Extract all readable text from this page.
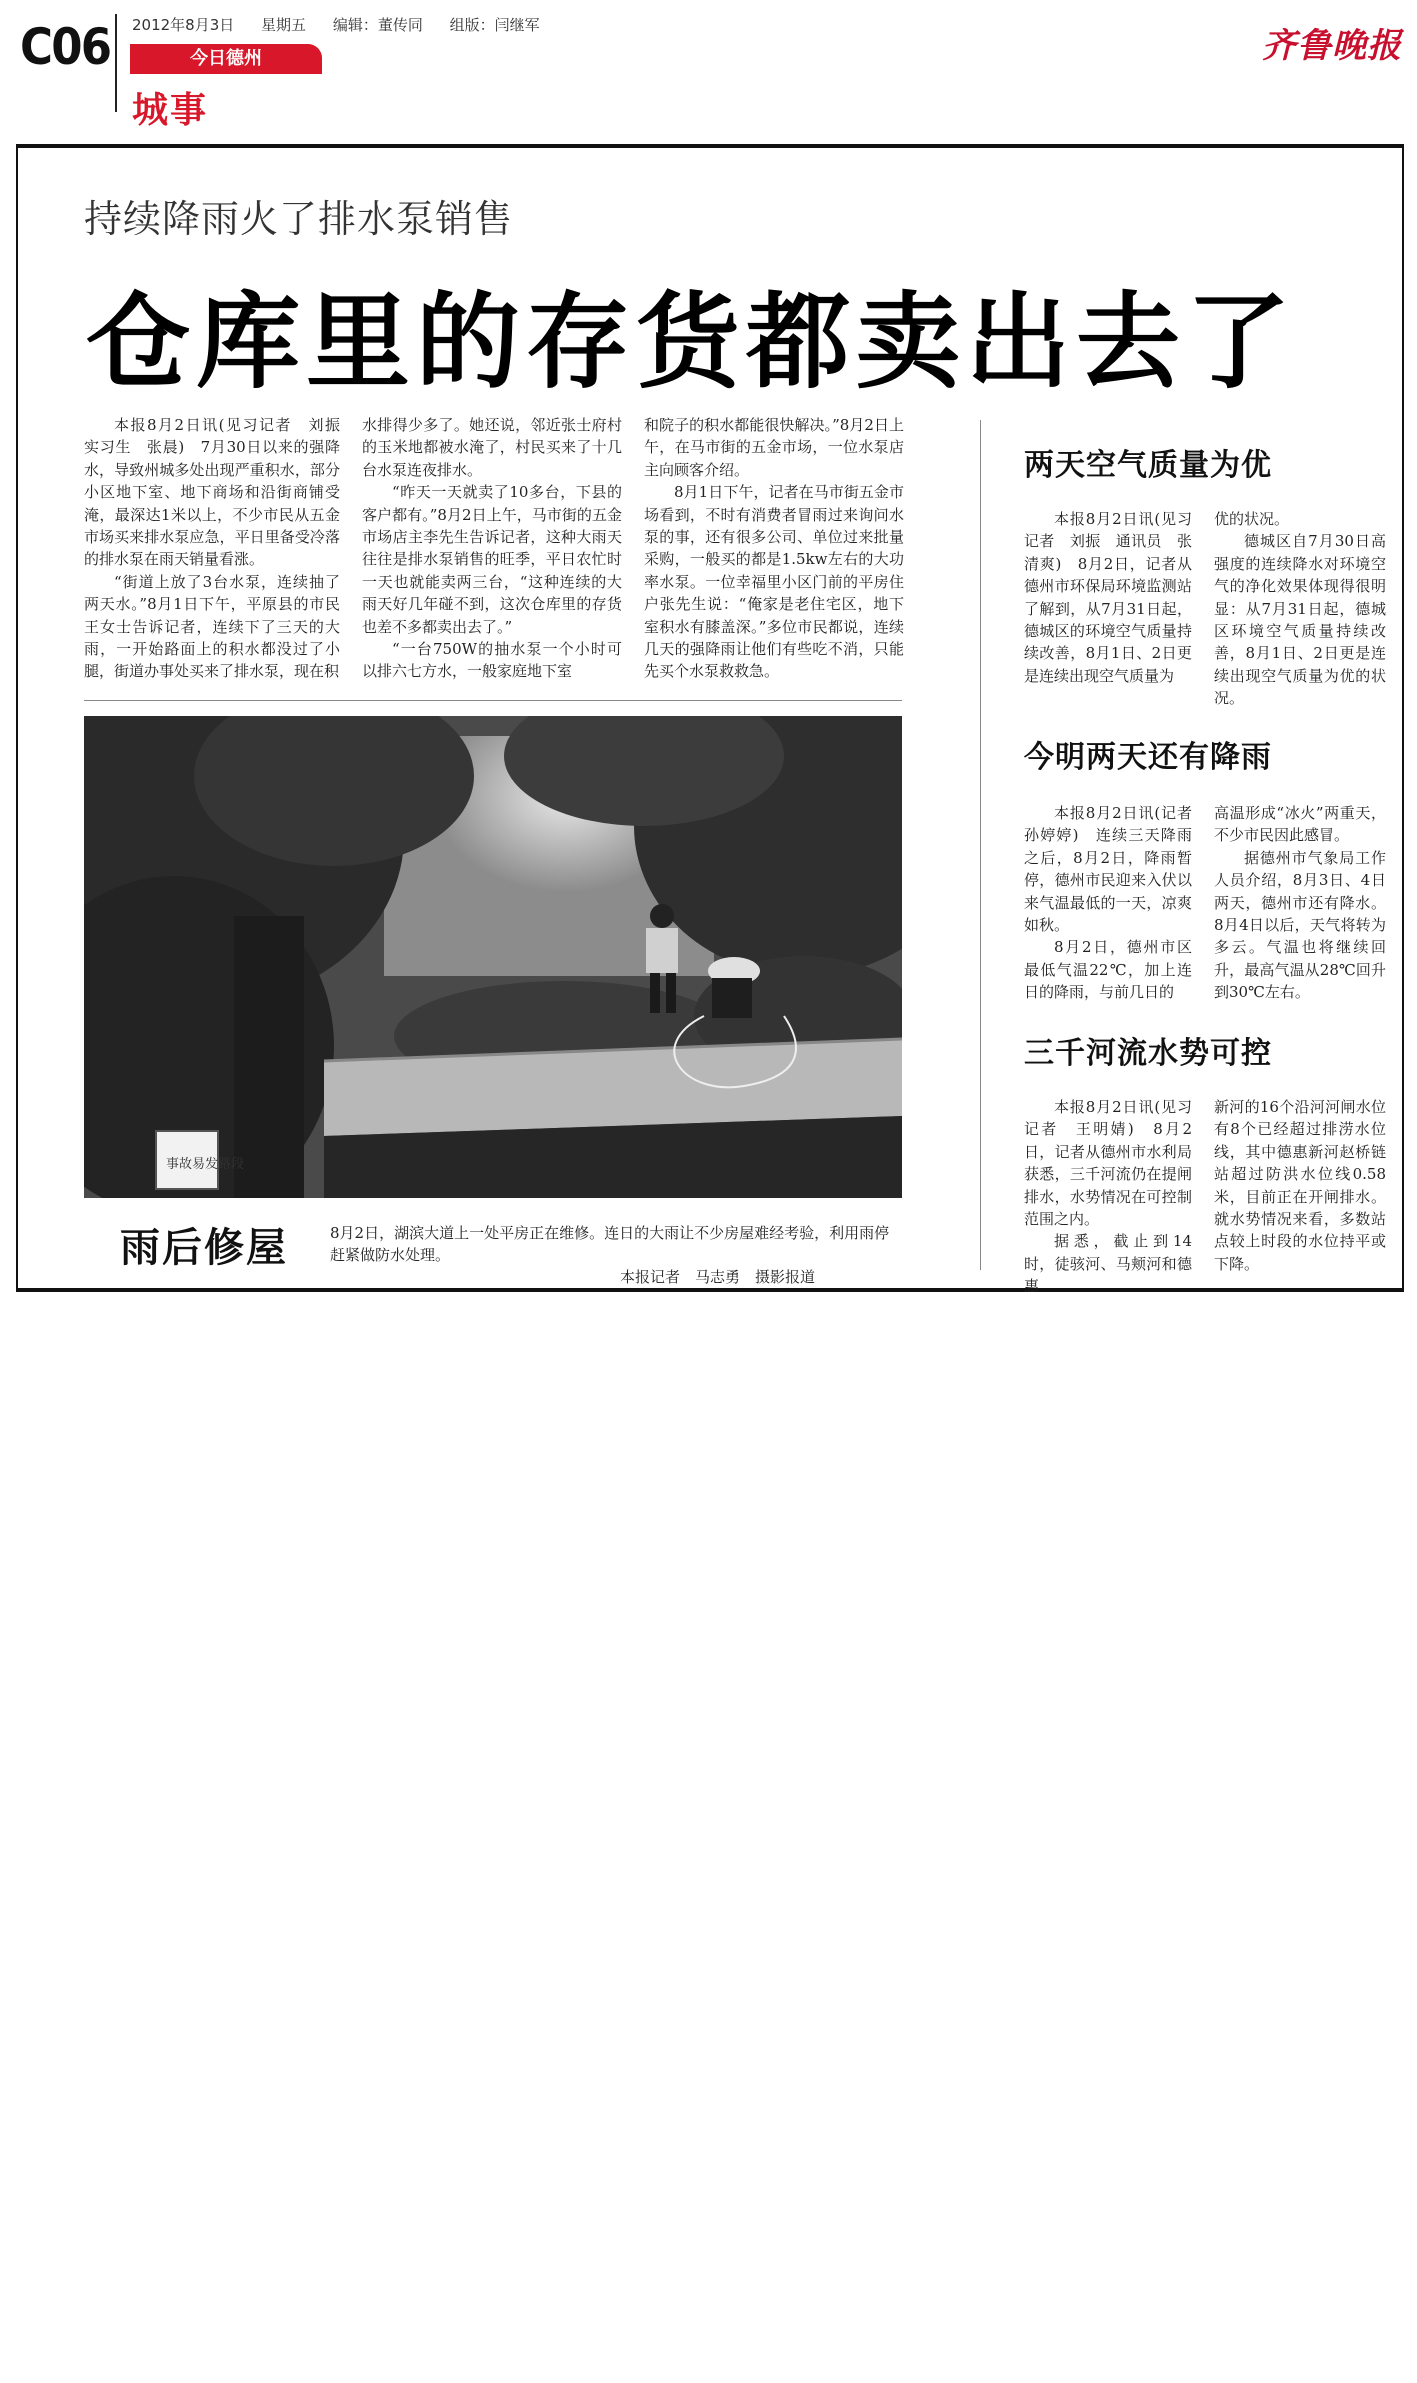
C06 2012年8月3日 星期五 编辑：董传同 组版：闫继军
今日德州
城事
齐鲁晚报
持续降雨火了排水泵销售
仓库里的存货都卖出去了

本报8月2日讯(见习记者　刘振　实习生　张晨)　7月30日以来的强降水，导致州城多处出现严重积水，部分小区地下室、地下商场和沿街商铺受淹，最深达1米以上，不少市民从五金市场买来排水泵应急，平日里备受冷落的排水泵在雨天销量看涨。

“街道上放了3台水泵，连续抽了两天水。”8月1日下午，平原县的市民王女士告诉记者，连续下了三天的大雨，一开始路面上的积水都没过了小腿，街道办事处买来了排水泵，现在积

水排得少多了。她还说，邻近张士府村的玉米地都被水淹了，村民买来了十几台水泵连夜排水。

“昨天一天就卖了10多台，下县的客户都有。”8月2日上午，马市街的五金市场店主李先生告诉记者，这种大雨天往往是排水泵销售的旺季，平日农忙时一天也就能卖两三台，“这种连续的大雨天好几年碰不到，这次仓库里的存货也差不多都卖出去了。”

“一台750W的抽水泵一个小时可以排六七方水，一般家庭地下室

和院子的积水都能很快解决。”8月2日上午，在马市街的五金市场，一位水泵店主向顾客介绍。

8月1日下午，记者在马市街五金市场看到，不时有消费者冒雨过来询问水泵的事，还有很多公司、单位过来批量采购，一般买的都是1.5kw左右的大功率水泵。一位幸福里小区门前的平房住户张先生说：“俺家是老住宅区，地下室积水有膝盖深。”多位市民都说，连续几天的强降雨让他们有些吃不消，只能先买个水泵救救急。

事故易发路段
雨后修屋	8月2日，湖滨大道上一处平房正在维修。连日的大雨让不少房屋难经考验，利用雨停赶紧做防水处理。
本报记者　马志勇　摄影报道
两天空气质量为优

本报8月2日讯(见习记者　刘振　通讯员　张清爽)　8月2日，记者从德州市环保局环境监测站了解到，从7月31日起，德城区的环境空气质量持续改善，8月1日、2日更是连续出现空气质量为

优的状况。

德城区自7月30日高强度的连续降水对环境空气的净化效果体现得很明显：从7月31日起，德城区环境空气质量持续改善，8月1日、2日更是连续出现空气质量为优的状况。

今明两天还有降雨

本报8月2日讯(记者　孙婷婷)　连续三天降雨之后，8月2日，降雨暂停，德州市民迎来入伏以来气温最低的一天，凉爽如秋。

8月2日，德州市区最低气温22℃，加上连日的降雨，与前几日的

高温形成“冰火”两重天，不少市民因此感冒。

据德州市气象局工作人员介绍，8月3日、4日两天，德州市还有降水。8月4日以后，天气将转为多云。气温也将继续回升，最高气温从28℃回升到30℃左右。

三千河流水势可控

本报8月2日讯(见习记者　王明婧)　8月2日，记者从德州市水利局获悉，三千河流仍在提闸排水，水势情况在可控制范围之内。

据悉，截止到14时，徒骇河、马颊河和德惠

新河的16个沿河河闸水位有8个已经超过排涝水位线，其中德惠新河赵桥链站超过防洪水位线0.58米，目前正在开闸排水。就水势情况来看，多数站点较上时段的水位持平或下降。
